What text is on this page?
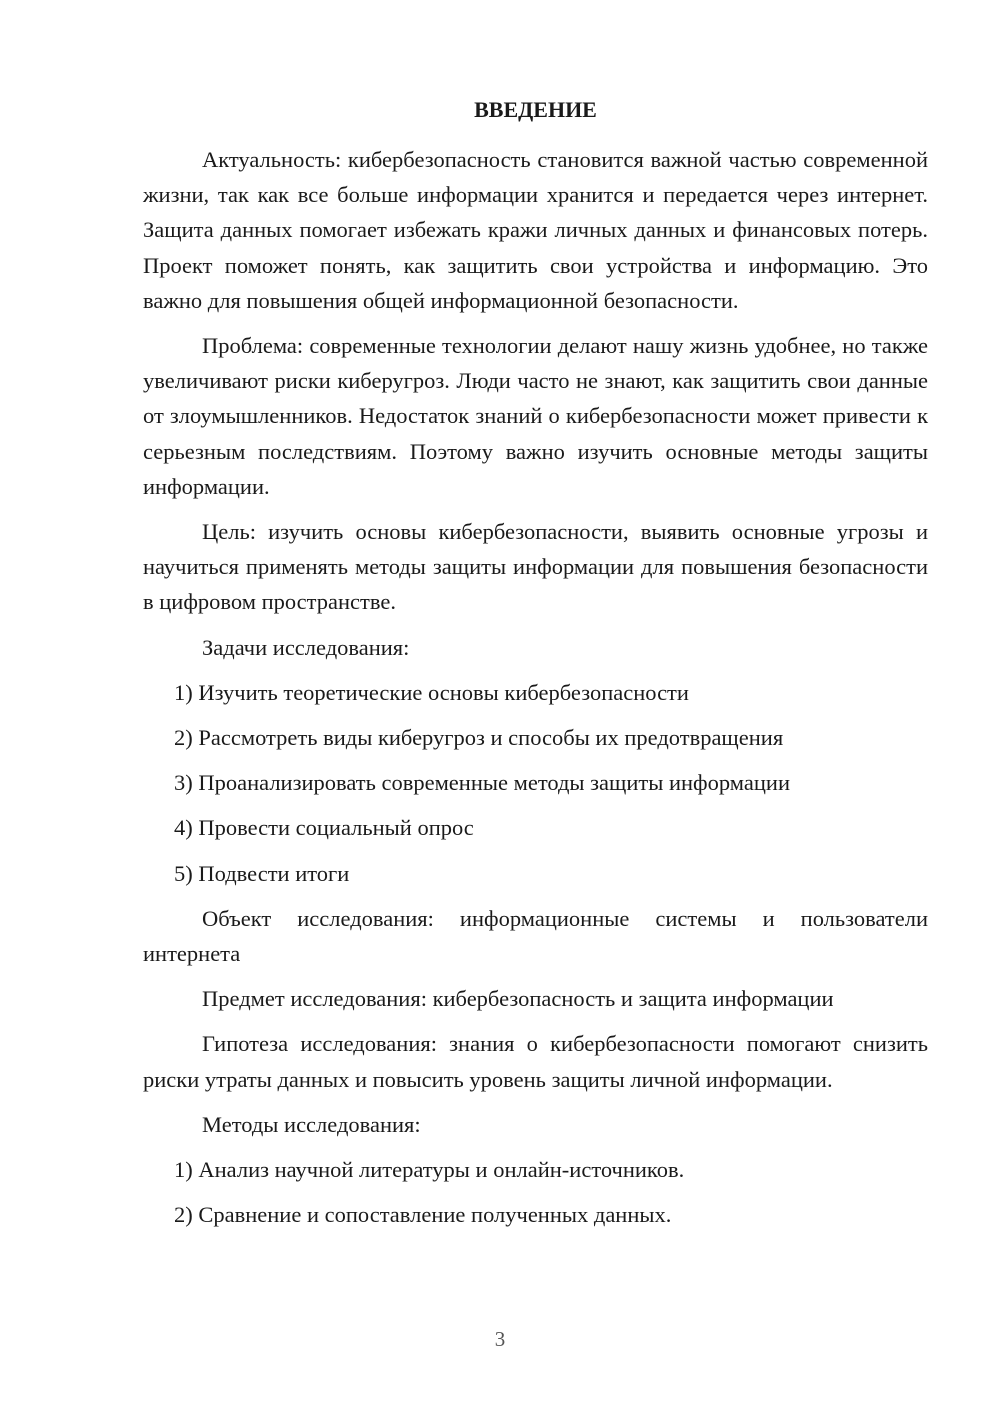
ВВЕДЕНИЕ

Актуальность: кибербезопасность становится важной частью современной жизни, так как все больше информации хранится и передается через интернет. Защита данных помогает избежать кражи личных данных и финансовых потерь. Проект поможет понять, как защитить свои устройства и информацию. Это важно для повышения общей информационной безопасности.

Проблема: современные технологии делают нашу жизнь удобнее, но также увеличивают риски киберугроз. Люди часто не знают, как защитить свои данные от злоумышленников. Недостаток знаний о кибербезопасности может привести к серьезным последствиям. Поэтому важно изучить основные методы защиты информации.

Цель: изучить основы кибербезопасности, выявить основные угрозы и научиться применять методы защиты информации для повышения безопасности в цифровом пространстве.

Задачи исследования:

1) Изучить теоретические основы кибербезопасности
2) Рассмотреть виды киберугроз и способы их предотвращения
3) Проанализировать современные методы защиты информации
4) Провести социальный опрос
5) Подвести итоги

Объект исследования: информационные системы и пользователи интернета

Предмет исследования: кибербезопасность и защита информации

Гипотеза исследования: знания о кибербезопасности помогают снизить риски утраты данных и повысить уровень защиты личной информации.

Методы исследования:

1) Анализ научной литературы и онлайн-источников.
2) Сравнение и сопоставление полученных данных.
3
